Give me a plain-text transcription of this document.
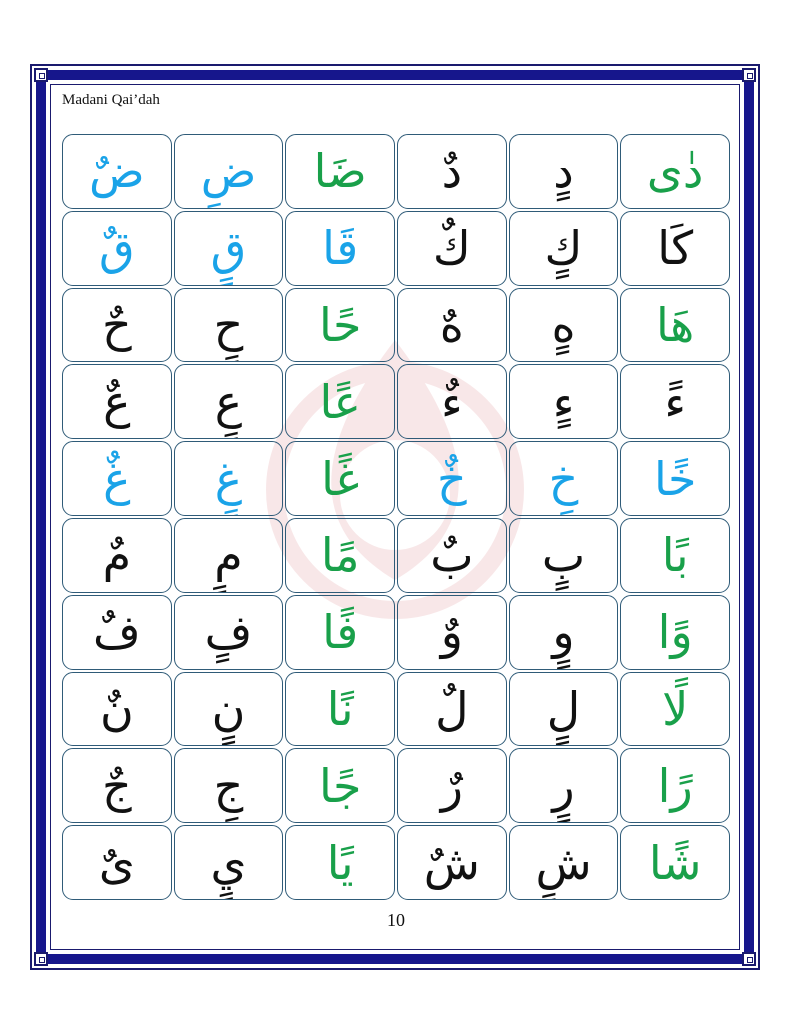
Madani Qai’dah
دٰی
دٍ
دٌ
ضَا
ضٍ
ضٌ
كَا
كٍ
كٌ
قَا
قٍ
قٌ
هَا
هٍ
هٌ
حًا
حٍ
حٌ
ءً
ءٍ
ءٌ
عًا
عٍ
عٌ
خًا
خٍ
خٌ
غًا
غٍ
غٌ
بًا
بٍ
بٌ
مًا
مٍ
مٌ
وًا
وٍ
وٌ
فًا
فٍ
فٌ
لًا
لٍ
لٌ
نًا
نٍ
نٌ
رًا
رٍ
رٌ
جًا
جٍ
جٌ
شًا
شٍ
شٌ
يًا
يٍ
یٌ
10
